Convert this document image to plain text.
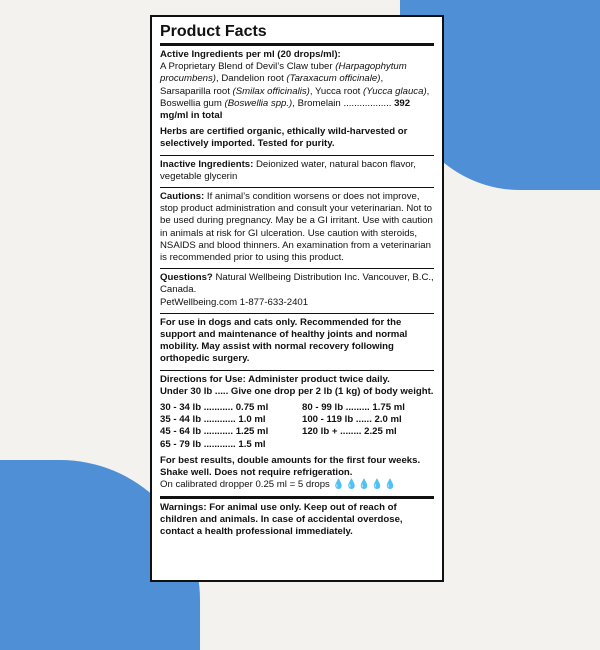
Product Facts
Active Ingredients per ml (20 drops/ml):
A Proprietary Blend of Devil’s Claw tuber (Harpagophytum procumbens), Dandelion root (Taraxacum officinale), Sarsaparilla root (Smilax officinalis), Yucca root (Yucca glauca), Boswellia gum (Boswellia spp.), Bromelain .................. 392 mg/ml in total
Herbs are certified organic, ethically wild-harvested or selectively imported. Tested for purity.
Inactive Ingredients: Deionized water, natural bacon flavor, vegetable glycerin
Cautions: If animal’s condition worsens or does not improve, stop product administration and consult your veterinarian. Not to be used during pregnancy. May be a GI irritant. Use with caution in animals at risk for GI ulceration. Use caution with steroids, NSAIDS and blood thinners. An examination from a veterinarian is recommended prior to using this product.
Questions? Natural Wellbeing Distribution Inc. Vancouver, B.C., Canada.
PetWellbeing.com 1-877-633-2401
For use in dogs and cats only. Recommended for the support and maintenance of healthy joints and normal mobility. May assist with normal recovery following orthopedic surgery.
Directions for Use: Administer product twice daily.
Under 30 lb ..... Give one drop per 2 lb (1 kg) of body weight.
30 - 34 lb ........... 0.75 ml
35 - 44 lb ............ 1.0 ml
45 - 64 lb ........... 1.25 ml
65 - 79 lb ............ 1.5 ml
80 - 99 lb ......... 1.75 ml
100 - 119 lb ...... 2.0 ml
120 lb + ........ 2.25 ml
For best results, double amounts for the first four weeks.
Shake well. Does not require refrigeration.
On calibrated dropper 0.25 ml = 5 drops 💧💧💧💧💧
Warnings: For animal use only. Keep out of reach of children and animals. In case of accidental overdose, contact a health professional immediately.
